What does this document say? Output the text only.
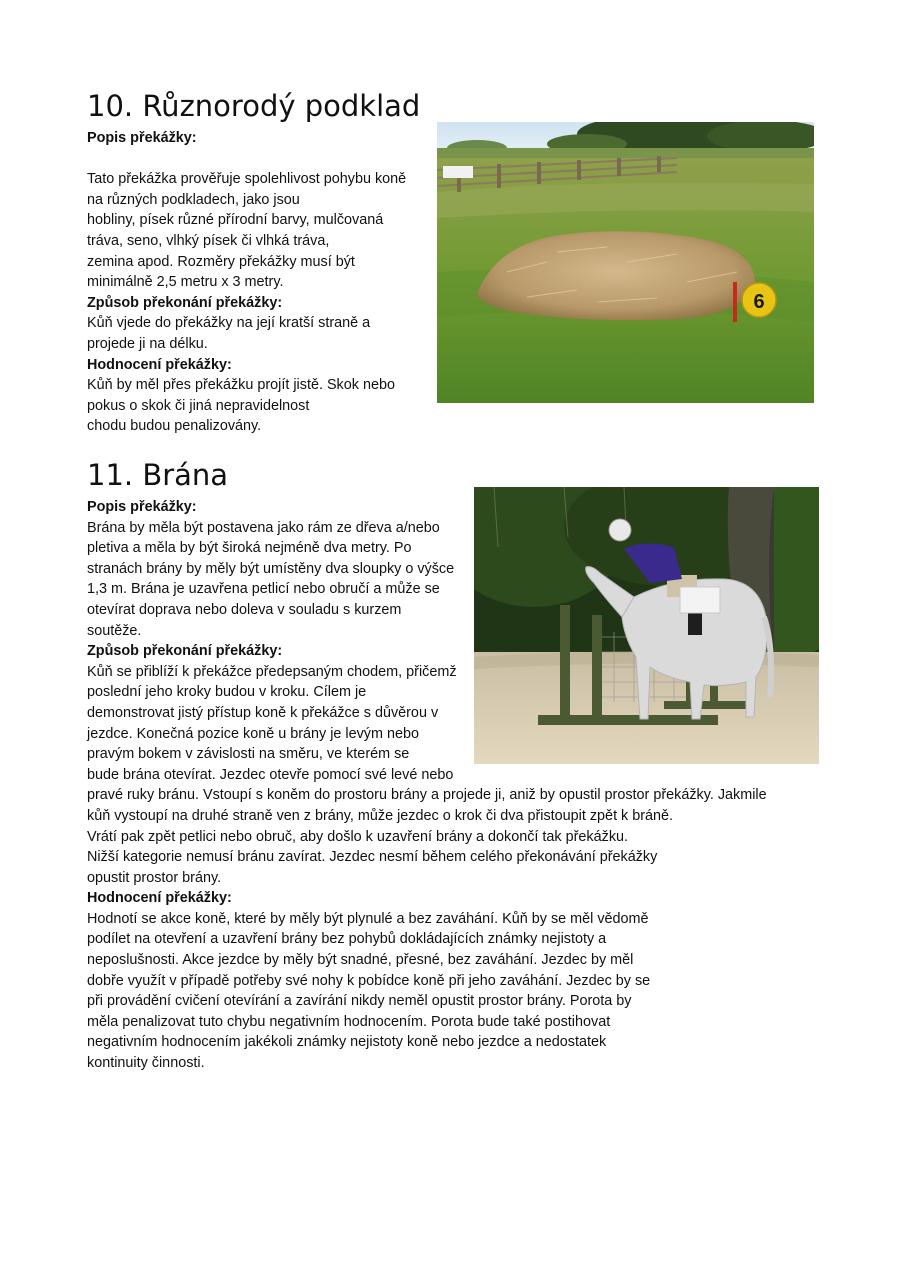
10. Různorodý podklad
Popis překážky:
Tato překážka prověřuje spolehlivost pohybu koně
na různých podkladech, jako jsou
hobliny, písek různé přírodní barvy, mulčovaná
tráva, seno, vlhký písek či vlhká tráva,
zemina apod. Rozměry překážky musí být
minimálně 2,5 metru x 3 metry.
Způsob překonání překážky:
Kůň vjede do překážky na její kratší straně a
projede ji na délku.
Hodnocení překážky:
Kůň by měl přes překážku projít jistě. Skok nebo
pokus o skok či jiná nepravidelnost
chodu budou penalizovány.
6
11. Brána
Popis překážky:
Brána by měla být postavena jako rám ze dřeva a/nebo
pletiva a měla by být široká nejméně dva metry. Po
stranách brány by měly být umístěny dva sloupky o výšce
1,3 m. Brána je uzavřena petlicí nebo obručí a může se
otevírat doprava nebo doleva v souladu s kurzem
soutěže.
Způsob překonání překážky:
Kůň se přiblíží k překážce předepsaným chodem, přičemž
poslední jeho kroky budou v kroku. Cílem je
demonstrovat jistý přístup koně k překážce s důvěrou v
jezdce. Konečná pozice koně u brány je levým nebo
pravým bokem v závislosti na směru, ve kterém se
bude brána otevírat. Jezdec otevře pomocí své levé nebo
pravé ruky bránu. Vstoupí s koněm do prostoru brány a projede ji, aniž by opustil prostor překážky. Jakmile
kůň vystoupí na druhé straně ven z brány, může jezdec o krok či dva přistoupit zpět k bráně.
Vrátí pak zpět petlici nebo obruč, aby došlo k uzavření brány a dokončí tak překážku.
Nižší kategorie nemusí bránu zavírat. Jezdec nesmí během celého překonávání překážky
opustit prostor brány.
Hodnocení překážky:
Hodnotí se akce koně, které by měly být plynulé a bez zaváhání. Kůň by se měl vědomě
podílet na otevření a uzavření brány bez pohybů dokládajících známky nejistoty a
neposlušnosti. Akce jezdce by měly být snadné, přesné, bez zaváhání. Jezdec by měl
dobře využít v případě potřeby své nohy k pobídce koně při jeho zaváhání. Jezdec by se
při provádění cvičení otevírání a zavírání nikdy neměl opustit prostor brány. Porota by
měla penalizovat tuto chybu negativním hodnocením. Porota bude také postihovat
negativním hodnocením jakékoli známky nejistoty koně nebo jezdce a nedostatek
kontinuity činnosti.
